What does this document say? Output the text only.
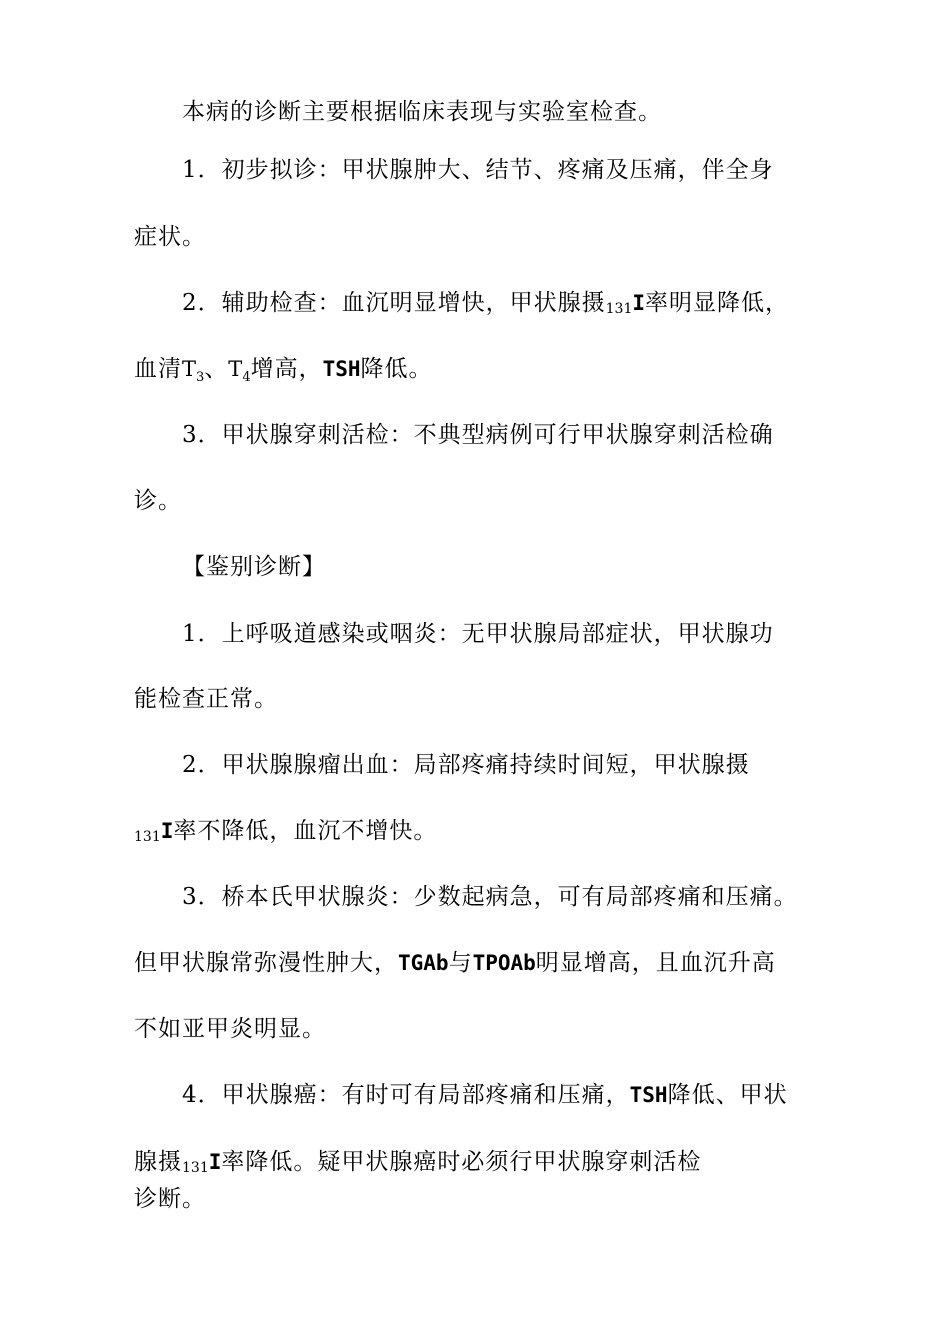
本病的诊断主要根据临床表现与实验室检查。
1．初步拟诊：甲状腺肿大、结节、疼痛及压痛，伴全身
症状。
2．辅助检查：血沉明显增快，甲状腺摄131I率明显降低，
血清$T_3$、$T_4$增高，TSH降低。
3．甲状腺穿刺活检：不典型病例可行甲状腺穿刺活检确
诊。
【鉴别诊断】
1．上呼吸道感染或咽炎：无甲状腺局部症状，甲状腺功
能检查正常。
2．甲状腺腺瘤出血：局部疼痛持续时间短，甲状腺摄
131I率不降低，血沉不增快。
3．桥本氏甲状腺炎：少数起病急，可有局部疼痛和压痛。
但甲状腺常弥漫性肿大，TGAb与TPOAb明显增高，且血沉升高
不如亚甲炎明显。
4．甲状腺癌：有时可有局部疼痛和压痛，TSH降低、甲状
腺摄131I率降低。疑甲状腺癌时必须行甲状腺穿刺活检
诊断。
